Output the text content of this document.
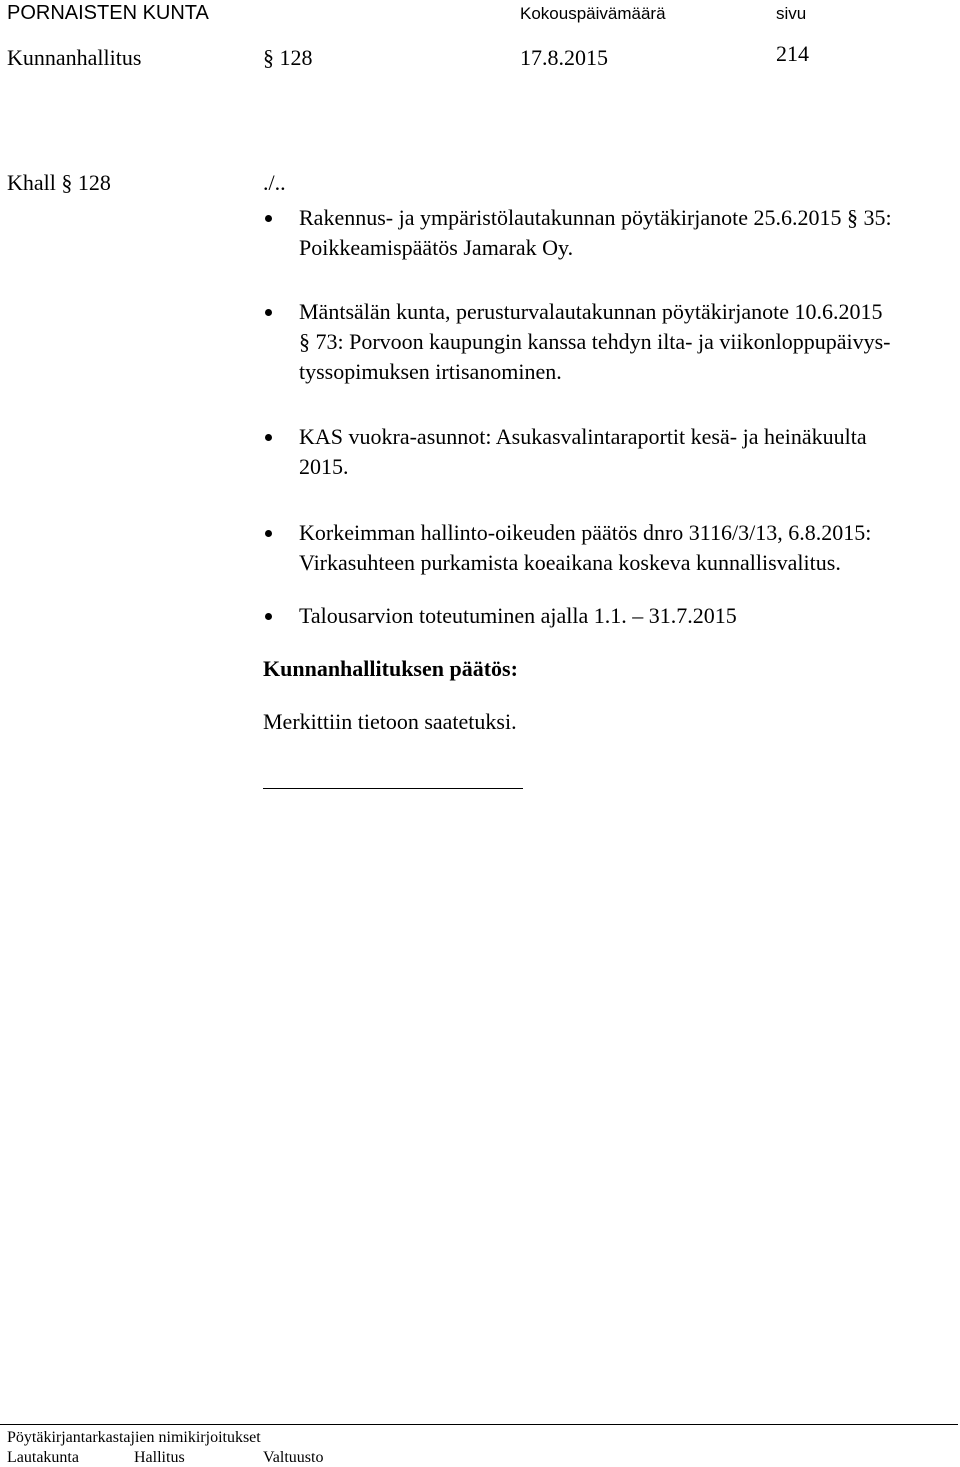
PORNAISTEN KUNTA	Kokouspäivämäärä	sivu
Kunnanhallitus	§ 128	17.8.2015	214
Khall § 128	./..
Rakennus- ja ympäristölautakunnan pöytäkirjanote 25.6.2015 § 35:
Poikkeamispäätös Jamarak Oy.
Mäntsälän kunta, perusturvalautakunnan pöytäkirjanote 10.6.2015
§ 73: Porvoon kaupungin kanssa tehdyn ilta- ja viikonloppupäivys-
tyssopimuksen irtisanominen.
KAS vuokra-asunnot: Asukasvalintaraportit kesä- ja heinäkuulta
2015.
Korkeimman hallinto-oikeuden päätös dnro 3116/3/13, 6.8.2015:
Virkasuhteen purkamista koeaikana koskeva kunnallisvalitus.
Talousarvion toteutuminen ajalla 1.1. – 31.7.2015
Kunnanhallituksen päätös:
Merkittiin tietoon saatetuksi.
Pöytäkirjantarkastajien nimikirjoitukset
Lautakunta	Hallitus	Valtuusto
